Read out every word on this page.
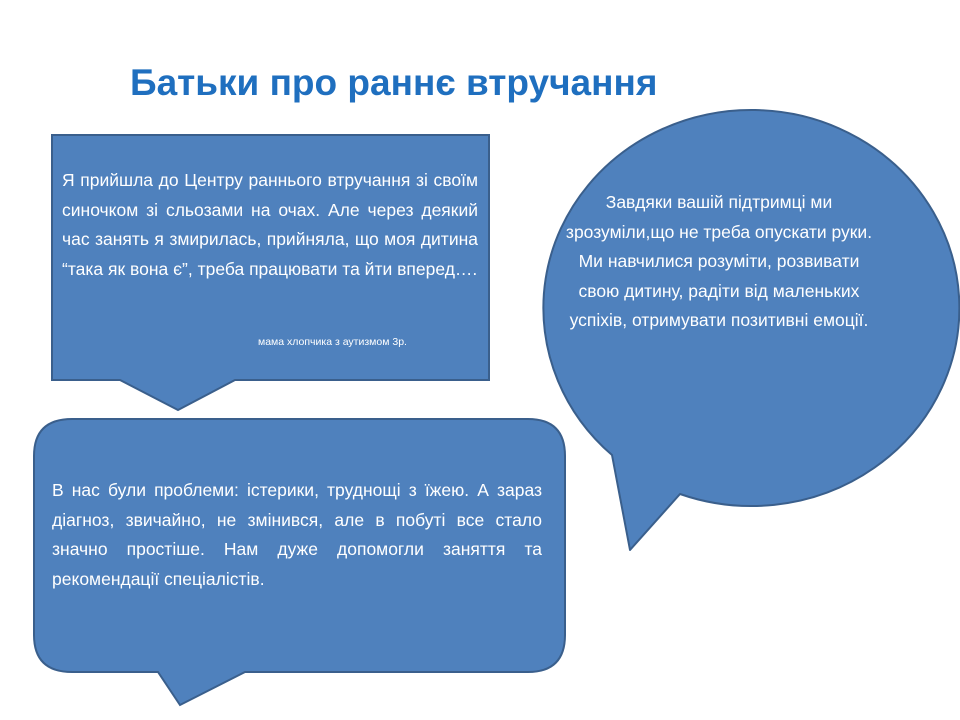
Батьки про раннє втручання
Я прийшла до Центру раннього втручання зі своїм синочком зі сльозами на очах. Але через деякий час занять я змирилась, прийняла, що моя дитина “така як вона є”, треба працювати та йти вперед….
мама хлопчика з аутизмом 3р.
В нас були проблеми: істерики, труднощі з їжею. А зараз діагноз, звичайно, не змінився, але в побуті все стало значно простіше. Нам дуже допомогли заняття та рекомендації спеціалістів.
Завдяки вашій підтримці ми зрозуміли,що не треба опускати руки. Ми навчилися розуміти, розвивати свою дитину, радіти від маленьких успіхів, отримувати позитивні емоції.
